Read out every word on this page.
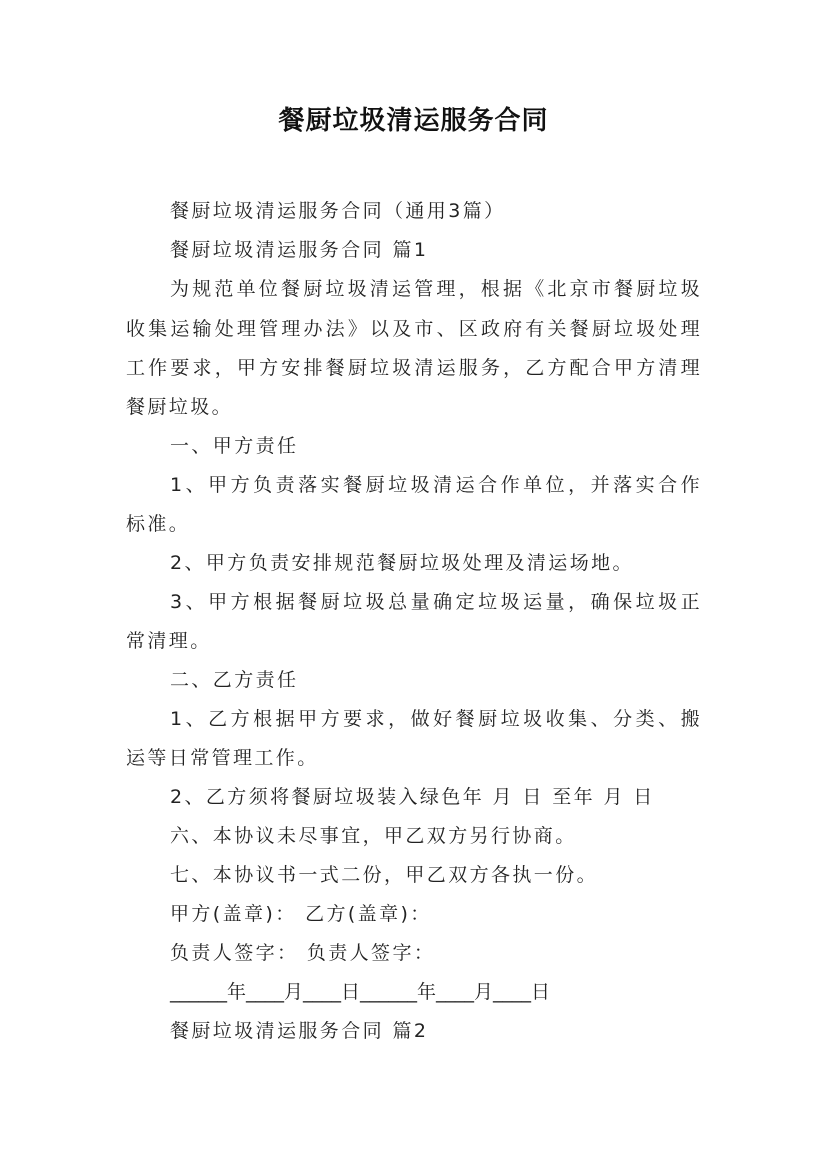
餐厨垃圾清运服务合同
餐厨垃圾清运服务合同（通用3篇）
餐厨垃圾清运服务合同 篇1
为规范单位餐厨垃圾清运管理，根据《北京市餐厨垃圾
收集运输处理管理办法》以及市、区政府有关餐厨垃圾处理
工作要求，甲方安排餐厨垃圾清运服务，乙方配合甲方清理
餐厨垃圾。
一、甲方责任
1、甲方负责落实餐厨垃圾清运合作单位，并落实合作
标准。
2、甲方负责安排规范餐厨垃圾处理及清运场地。
3、甲方根据餐厨垃圾总量确定垃圾运量，确保垃圾正
常清理。
二、乙方责任
1、乙方根据甲方要求，做好餐厨垃圾收集、分类、搬
运等日常管理工作。
2、乙方须将餐厨垃圾装入绿色年 月 日 至年 月 日
六、本协议未尽事宜，甲乙双方另行协商。
七、本协议书一式二份，甲乙双方各执一份。
甲方(盖章)： 乙方(盖章)：
负责人签字： 负责人签字：
______年____月____日______年____月____日
餐厨垃圾清运服务合同 篇2
